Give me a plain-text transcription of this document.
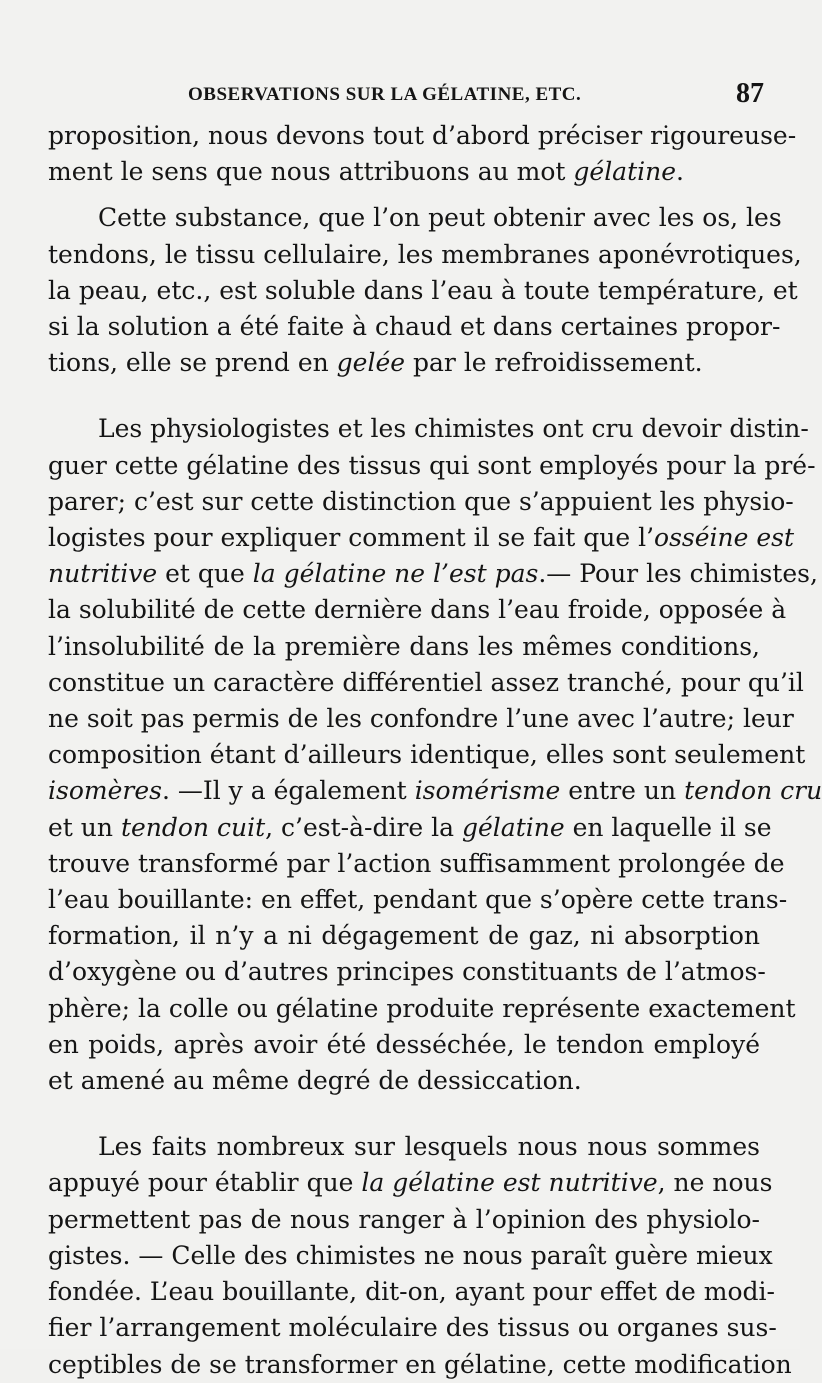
OBSERVATIONS SUR LA GÉLATINE, ETC.	87

proposition, nous devons tout d’abord préciser rigoureuse-
ment le sens que nous attribuons au mot gélatine.

Cette substance, que l’on peut obtenir avec les os, les
tendons, le tissu cellulaire, les membranes aponévrotiques,
la peau, etc., est soluble dans l’eau à toute température, et
si la solution a été faite à chaud et dans certaines propor-
tions, elle se prend en gelée par le refroidissement.

Les physiologistes et les chimistes ont cru devoir distin-
guer cette gélatine des tissus qui sont employés pour la pré-
parer; c’est sur cette distinction que s’appuient les physio-
logistes pour expliquer comment il se fait que l’osséine est
nutritive et que la gélatine ne l’est pas.— Pour les chimistes,
la solubilité de cette dernière dans l’eau froide, opposée à
l’insolubilité de la première dans les mêmes conditions,
constitue un caractère différentiel assez tranché, pour qu’il
ne soit pas permis de les confondre l’une avec l’autre; leur
composition étant d’ailleurs identique, elles sont seulement
isomères. —Il y a également isomérisme entre un tendon cru
et un tendon cuit, c’est-à-dire la gélatine en laquelle il se
trouve transformé par l’action suffisamment prolongée de
l’eau bouillante: en effet, pendant que s’opère cette trans-
formation, il n’y a ni dégagement de gaz, ni absorption
d’oxygène ou d’autres principes constituants de l’atmos-
phère; la colle ou gélatine produite représente exactement
en poids, après avoir été desséchée, le tendon employé
et amené au même degré de dessiccation.

Les faits nombreux sur lesquels nous nous sommes
appuyé pour établir que la gélatine est nutritive, ne nous
permettent pas de nous ranger à l’opinion des physiolo-
gistes. — Celle des chimistes ne nous paraît guère mieux
fondée. L’eau bouillante, dit-on, ayant pour effet de modi-
fier l’arrangement moléculaire des tissus ou organes sus-
ceptibles de se transformer en gélatine, cette modification
